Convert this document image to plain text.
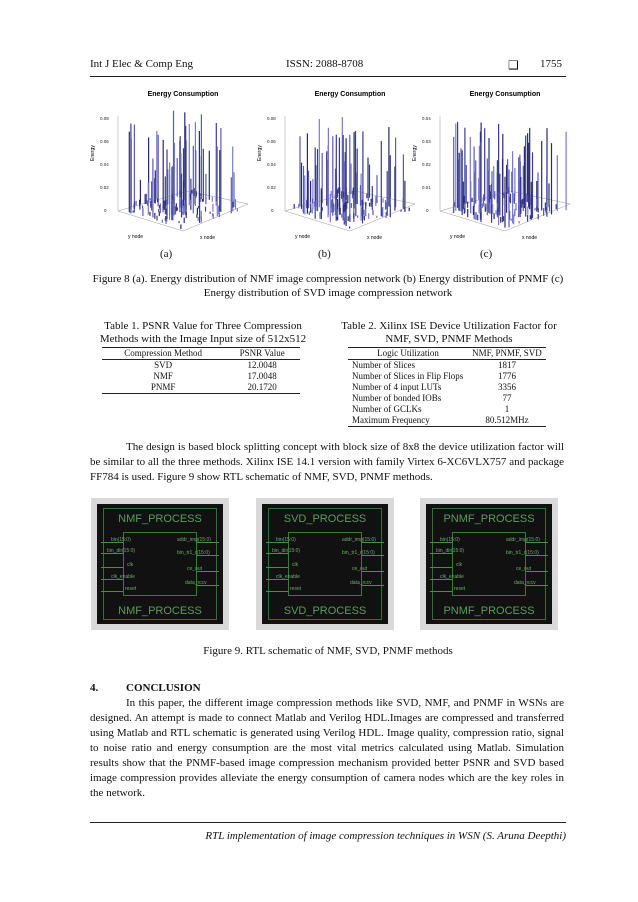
Int J Elec & Comp Eng	ISSN: 2088-8708	❑ 1755
Energy Consumption
Energy
0.08
0.06
0.04
0.02
0
y node	x node
Energy Consumption
Energy
0.08
0.06
0.04
0.02
0
y node	x node
Energy Consumption
Energy
0.04
0.03
0.02
0.01
0
y node	x node
(a)	(b)	(c)
Figure 8 (a). Energy distribution of NMF image compression network (b) Energy distribution of PNMF (c) Energy distribution of SVD image compression network
Table 1. PSNR Value for Three Compression Methods with the Image Input size of 512x512
Compression Method	PSNR Value
SVD	12.0048
NMF	17.0048
PNMF	20.1720
Table 2. Xilinx ISE Device Utilization Factor for NMF, SVD, PNMF Methods
Logic Utilization	NMF, PNMF, SVD
Number of Slices	1817
Number of Slices in Flip Flops	1776
Number of 4 input LUTs	3356
Number of bonded IOBs	77
Number of GCLKs	1
Maximum Frequency	80.512MHz
The design is based block splitting concept with block size of 8x8 the device utilization factor will be similar to all the three methods. Xilinx ISE 14.1 version with family Virtex 6-XC6VLX757 and package FF784 is used. Figure 9 show RTL schematic of NMF, SVD, PNMF methods.
NMF_PROCESS
bin(15:0)
bin_dir(15:0)
clk
clk_enable
reset
addr_img(15:0)
bin_tr1_r(15:0)
ce_out
data_rccv
NMF_PROCESS
SVD_PROCESS
bin(15:0)
bin_dir(15:0)
clk
clk_enable
reset
addr_img(15:0)
bin_tr1_r(15:0)
ce_out
data_rccv
SVD_PROCESS
PNMF_PROCESS
bin(15:0)
bin_dir(15:0)
clk
clk_enable
reset
addr_img(15:0)
bin_tr1_r(15:0)
ce_out
data_rccv
PNMF_PROCESS
Figure 9. RTL schematic of NMF, SVD, PNMF methods
4.	CONCLUSION
In this paper, the different image compression methods like SVD, NMF, and PNMF in WSNs are designed. An attempt is made to connect Matlab and Verilog HDL.Images are compressed and transferred using Matlab and RTL schematic is generated using Verilog HDL. Image quality, compression ratio, signal to noise ratio and energy consumption are the most vital metrics calculated using Matlab. Simulation results show that the PNMF-based image compression mechanism provided better PSNR and SVD based image compression provides alleviate the energy consumption of camera nodes which are the key roles in the network.
RTL implementation of image compression techniques in WSN (S. Aruna Deepthi)
